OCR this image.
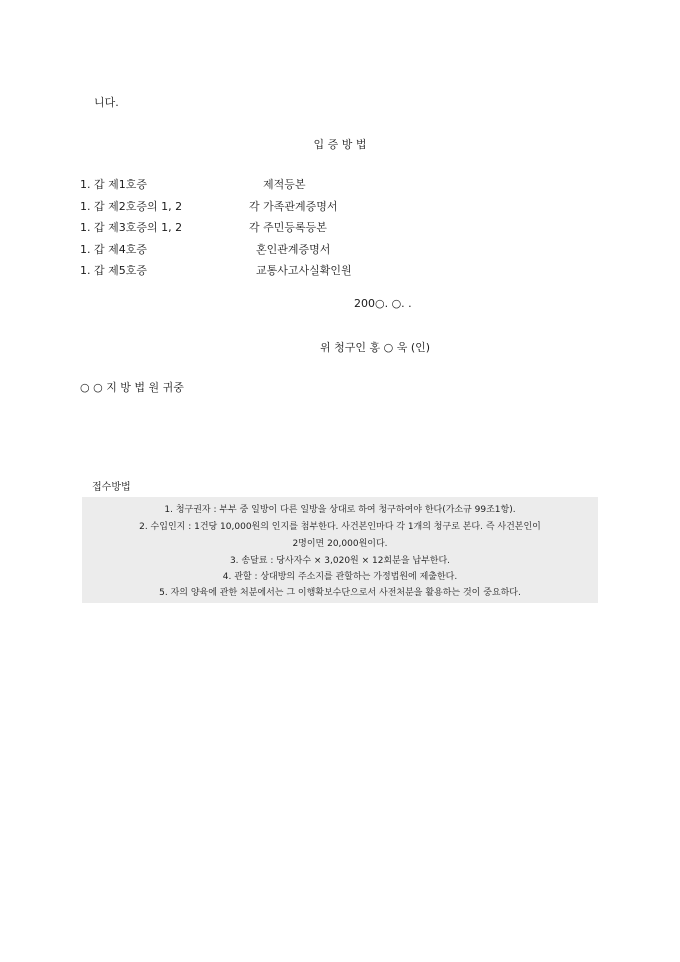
니다.
입 증 방 법
1. 갑 제1호증	제적등본
1. 갑 제2호증의 1, 2	각 가족관계증명서
1. 갑 제3호증의 1, 2	각 주민등록등본
1. 갑 제4호증	혼인관계증명서
1. 갑 제5호증	교통사고사실확인원
200○. ○. .
위 청구인 홍 ○ 욱 (인)
○ ○ 지 방 법 원 귀중
접수방법
1. 청구권자 : 부부 중 일방이 다른 일방을 상대로 하여 청구하여야 한다(가소규 99조1항).
2. 수입인지 : 1건당 10,000원의 인지를 첨부한다. 사건본인마다 각 1개의 청구로 본다. 즉 사건본인이
2명이면 20,000원이다.
3. 송달료 : 당사자수 × 3,020원 × 12회분을 납부한다.
4. 관할 : 상대방의 주소지를 관할하는 가정법원에 제출한다.
5. 자의 양육에 관한 처분에서는 그 이행확보수단으로서 사전처분을 활용하는 것이 중요하다.
